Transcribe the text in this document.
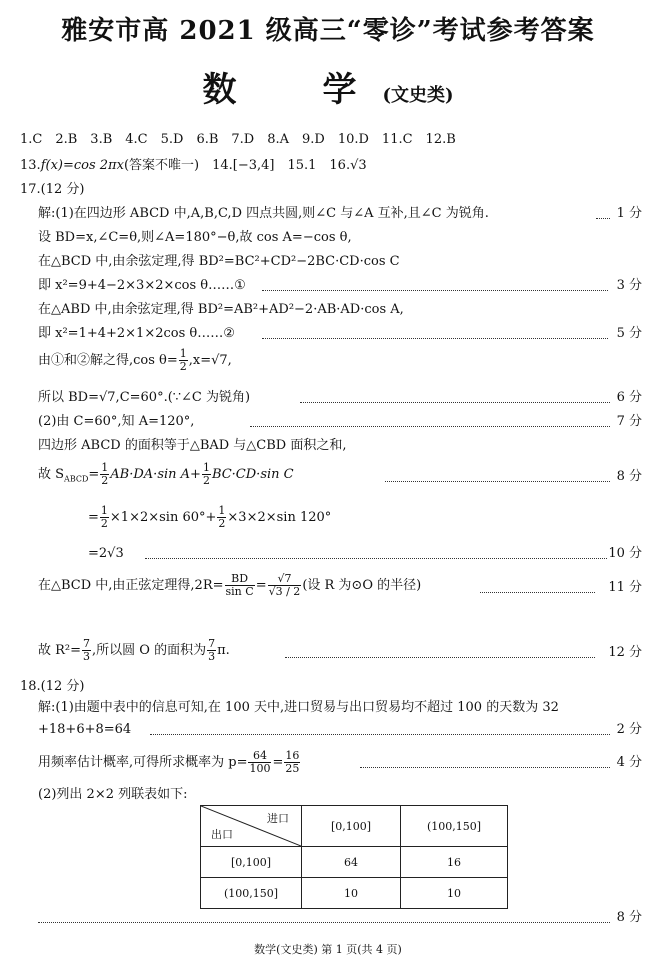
雅安市高 2021 级高三“零诊”考试参考答案
数　学(文史类)
1.C　2.B　3.B　4.C　5.D　6.B　7.D　8.A　9.D　10.D　11.C　12.B
13.f(x)=cos 2πx(答案不唯一)　14.[−3,4]　15.1　16.√3
17.(12 分)
解:(1)在四边形 ABCD 中,A,B,C,D 四点共圆,则∠C 与∠A 互补,且∠C 为锐角.	1 分
设 BD=x,∠C=θ,则∠A=180°−θ,故 cos A=−cos θ,
在△BCD 中,由余弦定理,得 BD²=BC²+CD²−2BC·CD·cos C
即 x²=9+4−2×3×2×cos θ……①	3 分
在△ABD 中,由余弦定理,得 BD²=AB²+AD²−2·AB·AD·cos A,
即 x²=1+4+2×1×2cos θ……②	5 分
由①和②解之得,cos $\theta= \frac{1}{2} ,x=√7$,
所以 BD=√7,C=60°.(∵∠C 为锐角)	6 分
(2)由 C=60°,知 A=120°,	7 分
四边形 ABCD 的面积等于△BAD 与△CBD 面积之和,
故 $S_{ABCD}= \frac{1}{2} AB\cdot DA\cdot\sin$ $A+ \frac{1}{2} BC\cdot CD\cdot\sin$ C	8 分
= $\frac{1}{2} \times 1\times 2\times\sin$ $60^\circ+ \frac{1}{2} \times 3\times 2\times\sin$ 120°
=2√3	10 分
在△BCD 中,由正弦定理得$,2R= \frac{BD}{\text{sin C}} = \frac{√7}{√3 / 2}$ (设 R 为⊙O 的半径)	11 分
故 $R^2= \frac{7}{3}$ ,所以圆 O 的面积为 $\frac{7}{3} \pi$.	12 分
18.(12 分)
解:(1)由题中表中的信息可知,在 100 天中,进口贸易与出口贸易均不超过 100 的天数为 32
+18+6+8=64	2 分
用频率估计概率,可得所求概率为 $p= \frac{64}{100} = \frac{16}{25}$	4 分
(2)列出 2×2 列联表如下:
进口
出口	[0,100]	(100,150]
[0,100]	64	16
(100,150]	10	10
8 分
数学(文史类) 第 1 页(共 4 页)
